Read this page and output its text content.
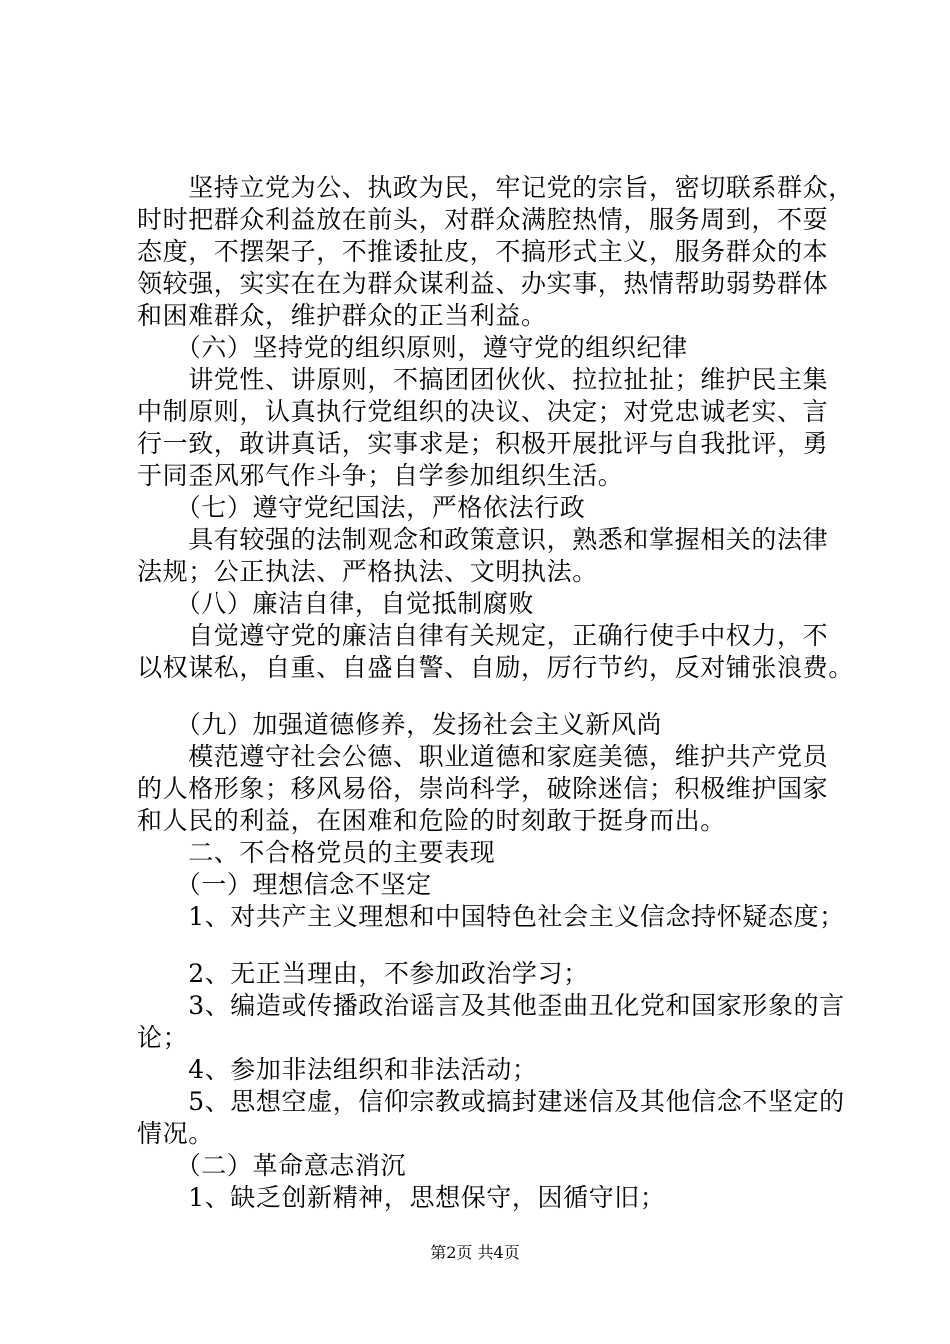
　　坚持立党为公、执政为民，牢记党的宗旨，密切联系群众，
时时把群众利益放在前头，对群众满腔热情，服务周到，不耍
态度，不摆架子，不推诿扯皮，不搞形式主义，服务群众的本
领较强，实实在在为群众谋利益、办实事，热情帮助弱势群体
和困难群众，维护群众的正当利益。
　　（六）坚持党的组织原则，遵守党的组织纪律
　　讲党性、讲原则，不搞团团伙伙、拉拉扯扯；维护民主集
中制原则，认真执行党组织的决议、决定；对党忠诚老实、言
行一致，敢讲真话，实事求是；积极开展批评与自我批评，勇
于同歪风邪气作斗争；自学参加组织生活。
　　（七）遵守党纪国法，严格依法行政
　　具有较强的法制观念和政策意识，熟悉和掌握相关的法律
法规；公正执法、严格执法、文明执法。
　　（八）廉洁自律，自觉抵制腐败
　　自觉遵守党的廉洁自律有关规定，正确行使手中权力，不
以权谋私，自重、自盛自警、自励，厉行节约，反对铺张浪费。
　　（九）加强道德修养，发扬社会主义新风尚
　　模范遵守社会公德、职业道德和家庭美德，维护共产党员
的人格形象；移风易俗，崇尚科学，破除迷信；积极维护国家
和人民的利益，在困难和危险的时刻敢于挺身而出。
　　二、不合格党员的主要表现
　　（一）理想信念不坚定
　　1、对共产主义理想和中国特色社会主义信念持怀疑态度；
　　2、无正当理由，不参加政治学习；
　　3、编造或传播政治谣言及其他歪曲丑化党和国家形象的言
论；
　　4、参加非法组织和非法活动；
　　5、思想空虚，信仰宗教或搞封建迷信及其他信念不坚定的
情况。
　　（二）革命意志消沉
　　1、缺乏创新精神，思想保守，因循守旧；
第2页 共4页
